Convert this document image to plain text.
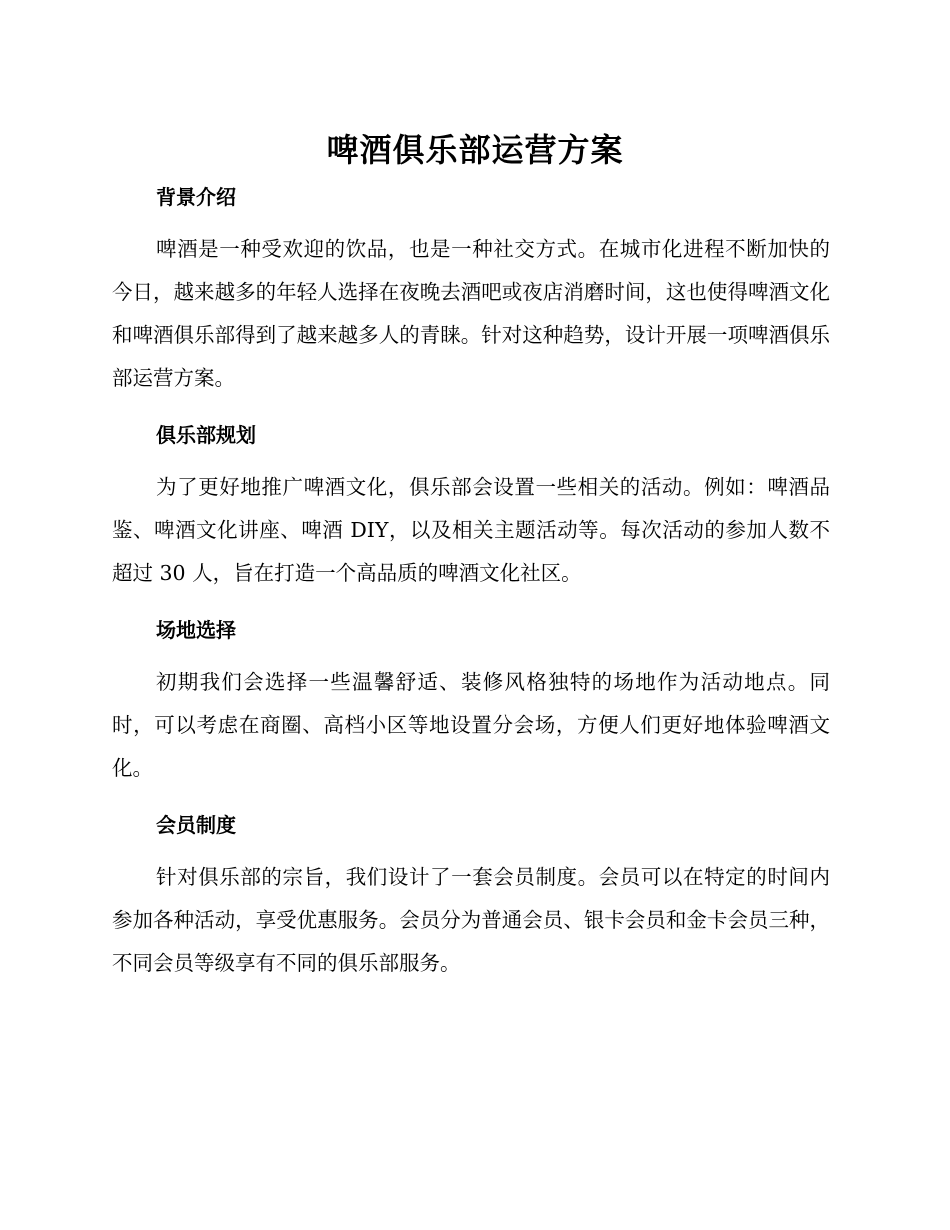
啤酒俱乐部运营方案
背景介绍

啤酒是一种受欢迎的饮品，也是一种社交方式。在城市化进程不断加快的今日，越来越多的年轻人选择在夜晚去酒吧或夜店消磨时间，这也使得啤酒文化和啤酒俱乐部得到了越来越多人的青睐。针对这种趋势，设计开展一项啤酒俱乐部运营方案。

俱乐部规划

为了更好地推广啤酒文化，俱乐部会设置一些相关的活动。例如：啤酒品鉴、啤酒文化讲座、啤酒 DIY，以及相关主题活动等。每次活动的参加人数不超过 30 人，旨在打造一个高品质的啤酒文化社区。

场地选择

初期我们会选择一些温馨舒适、装修风格独特的场地作为活动地点。同时，可以考虑在商圈、高档小区等地设置分会场，方便人们更好地体验啤酒文化。

会员制度

针对俱乐部的宗旨，我们设计了一套会员制度。会员可以在特定的时间内参加各种活动，享受优惠服务。会员分为普通会员、银卡会员和金卡会员三种，不同会员等级享有不同的俱乐部服务。
